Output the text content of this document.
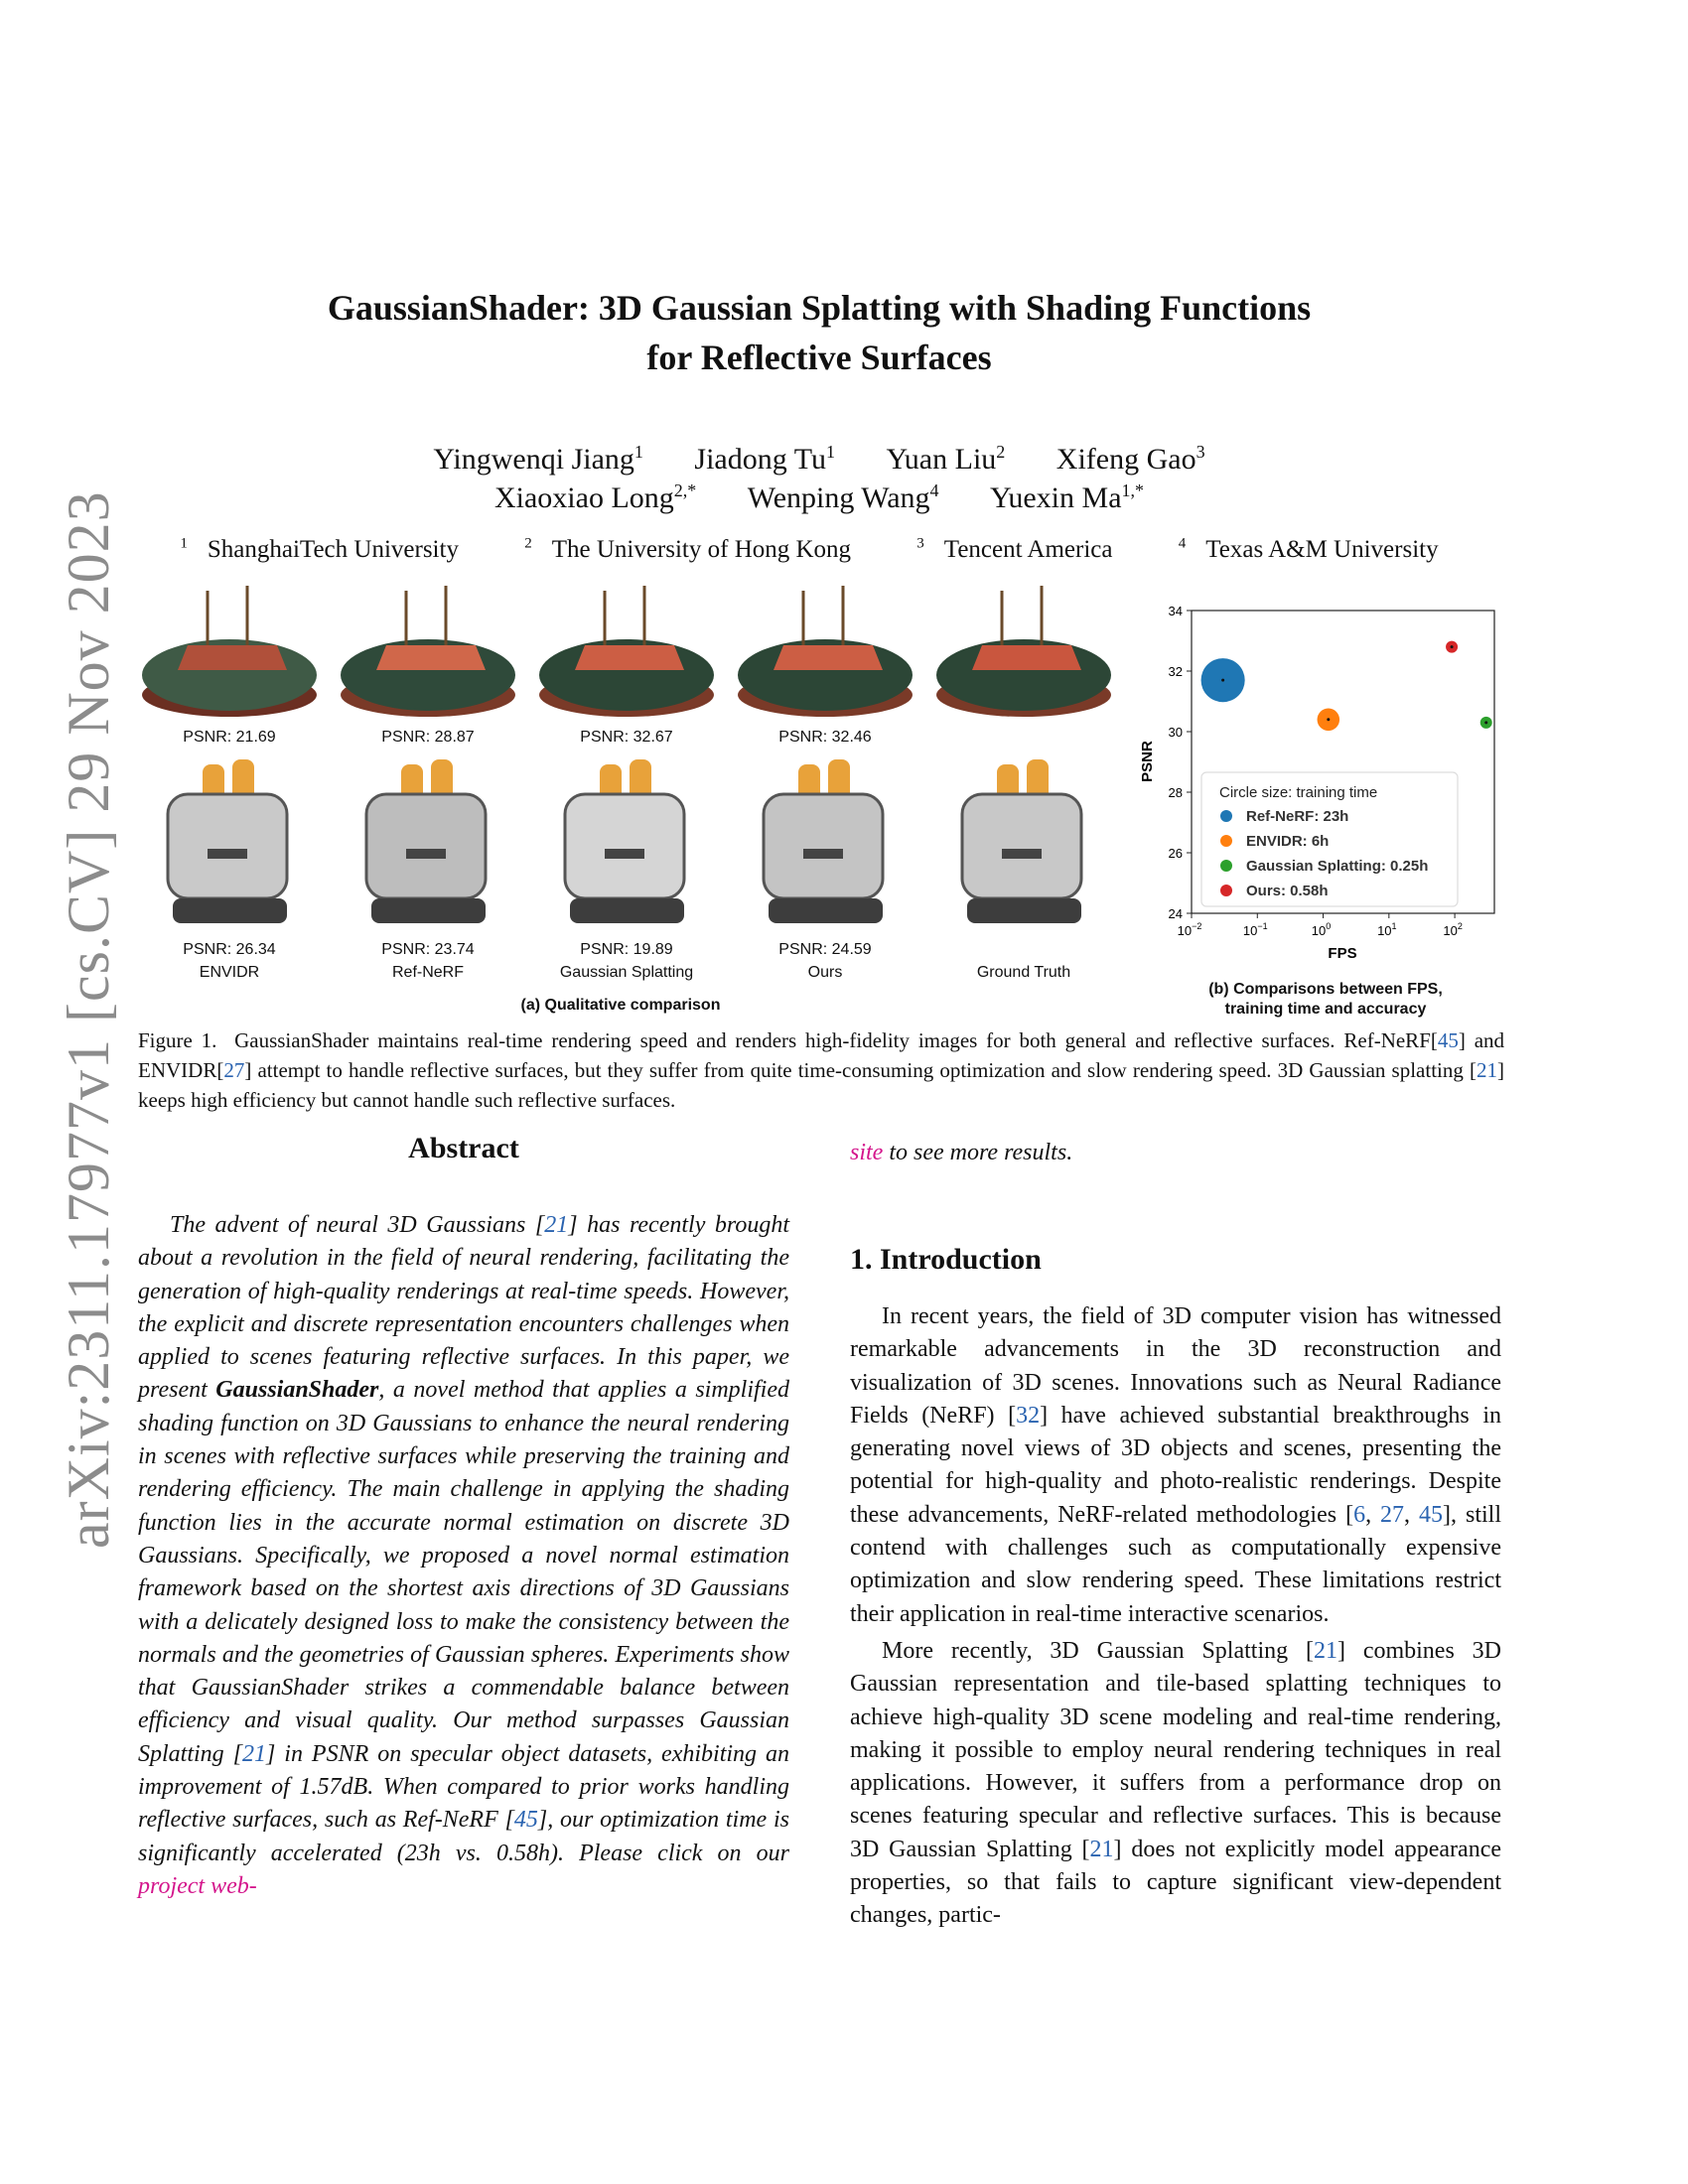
arXiv:2311.17977v1 [cs.CV] 29 Nov 2023
GaussianShader: 3D Gaussian Splatting with Shading Functions
for Reflective Surfaces
Yingwenqi Jiang$^1$ Jiadong Tu$^1$ Yuan Liu$^2$ Xifeng Gao$^3$
Xiaoxiao Long$^{2,*}$ Wenping Wang$^4$ Yuexin $Ma^{1,*}$
$^1$ ShanghaiTech University	$^2$ The University of Hong Kong	$^3$ Tencent America	$^4$ Texas A&M University
PSNR: 21.69	PSNR: 28.87	PSNR: 32.67	PSNR: 32.46
PSNR: 26.34	PSNR: 23.74	PSNR: 19.89	PSNR: 24.59
ENVIDR	Ref-NeRF	Gaussian Splatting	Ours	Ground Truth
(a) Qualitative comparison
24
26
28
30
32
34
$10^{-2}$	$10^{-1}$	$10^0$	$10^1$	$10^2$
PSNR
FPS
Circle size: training time
Ref-NeRF: 23h
ENVIDR: 6h
Gaussian Splatting: 0.25h
Ours: 0.58h
(b) Comparisons between FPS,
training time and accuracy
Figure 1. GaussianShader maintains real-time rendering speed and renders high-fidelity images for both general and reflective surfaces. Ref-NeRF[45] and ENVIDR[27] attempt to handle reflective surfaces, but they suffer from quite time-consuming optimization and slow rendering speed. 3D Gaussian splatting [21] keeps high efficiency but cannot handle such reflective surfaces.
Abstract

The advent of neural 3D Gaussians [21] has recently brought about a revolution in the field of neural rendering, facilitating the generation of high-quality renderings at real-time speeds. However, the explicit and discrete representation encounters challenges when applied to scenes featuring reflective surfaces. In this paper, we present GaussianShader, a novel method that applies a simplified shading function on 3D Gaussians to enhance the neural rendering in scenes with reflective surfaces while preserving the training and rendering efficiency. The main challenge in applying the shading function lies in the accurate normal estimation on discrete 3D Gaussians. Specifically, we proposed a novel normal estimation framework based on the shortest axis directions of 3D Gaussians with a delicately designed loss to make the consistency between the normals and the geometries of Gaussian spheres. Experiments show that GaussianShader strikes a commendable balance between efficiency and visual quality. Our method surpasses Gaussian Splatting [21] in PSNR on specular object datasets, exhibiting an improvement of 1.57dB. When compared to prior works handling reflective surfaces, such as Ref-NeRF [45], our optimization time is significantly accelerated (23h vs. 0.58h). Please click on our project web-

site to see more results.
1. Introduction

In recent years, the field of 3D computer vision has witnessed remarkable advancements in the 3D reconstruction and visualization of 3D scenes. Innovations such as Neural Radiance Fields (NeRF) [32] have achieved substantial breakthroughs in generating novel views of 3D objects and scenes, presenting the potential for high-quality and photo-realistic renderings. Despite these advancements, NeRF-related methodologies [6, 27, 45], still contend with challenges such as computationally expensive optimization and slow rendering speed. These limitations restrict their application in real-time interactive scenarios.

More recently, 3D Gaussian Splatting [21] combines 3D Gaussian representation and tile-based splatting techniques to achieve high-quality 3D scene modeling and real-time rendering, making it possible to employ neural rendering techniques in real applications. However, it suffers from a performance drop on scenes featuring specular and reflective surfaces. This is because 3D Gaussian Splatting [21] does not explicitly model appearance properties, so that fails to capture significant view-dependent changes, partic-
